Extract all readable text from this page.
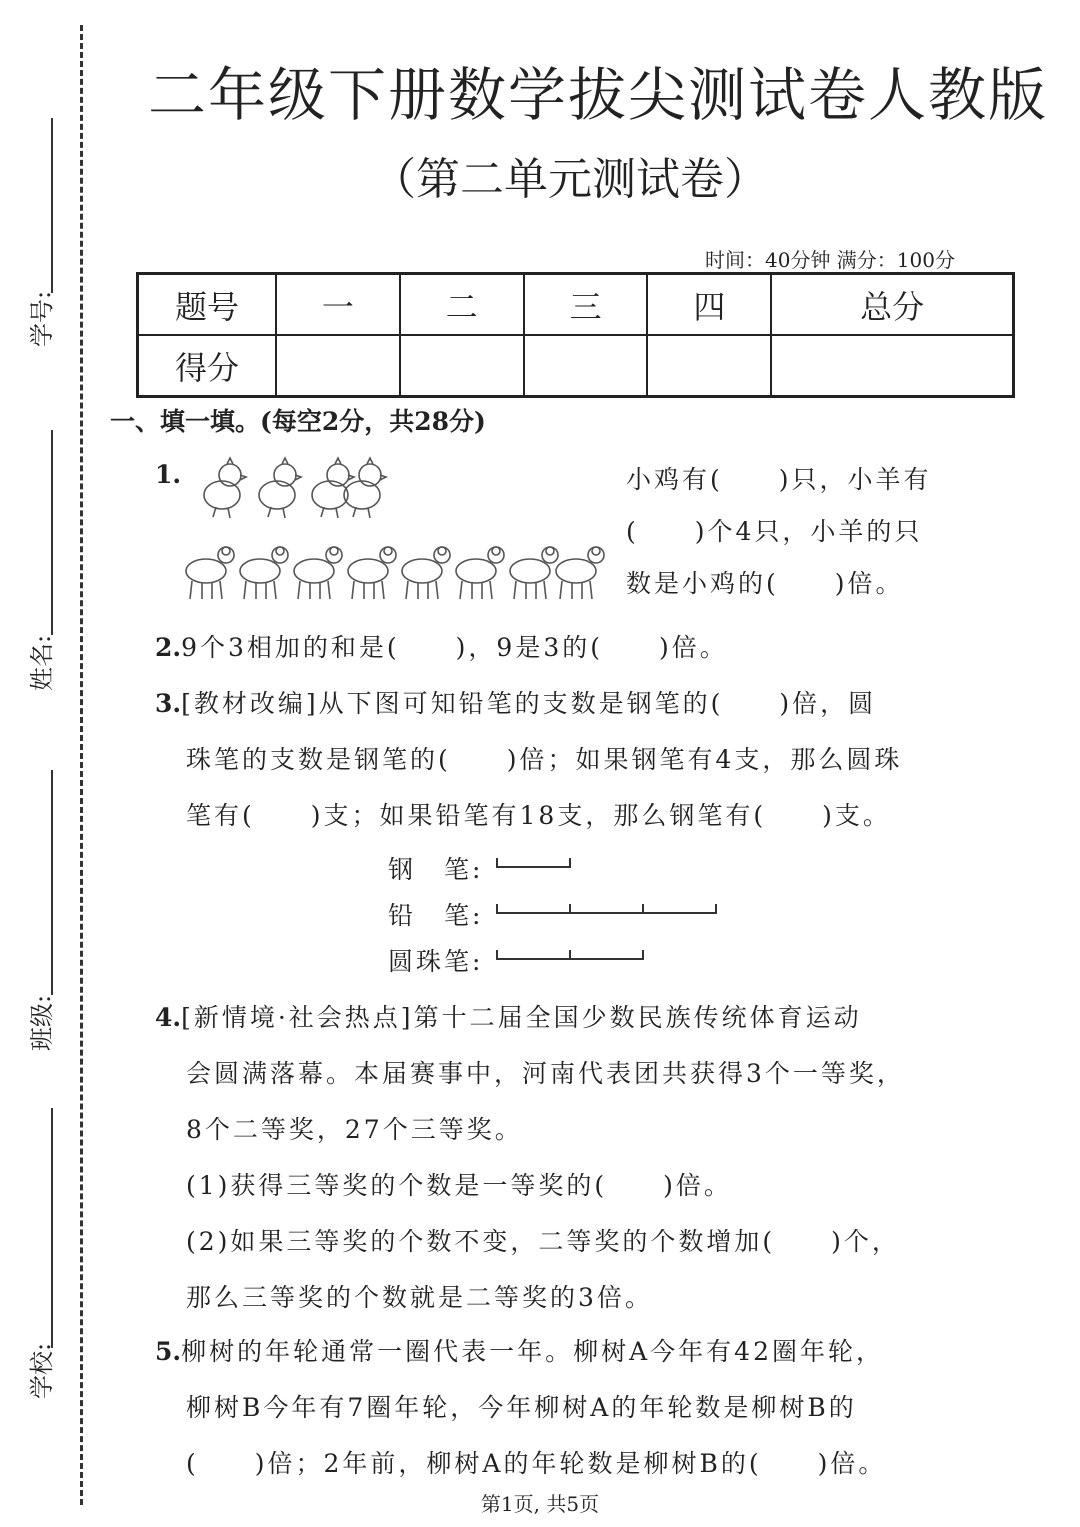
学号:
姓名:
班级:
学校:
二年级下册数学拔尖测试卷人教版
（第二单元测试卷）
时间：40分钟 满分：100分
题号	一	二	三	四	总分
得分					
一、填一填。(每空2分，共28分)
1.	小鸡有(　　)只，小羊有
(　　)个4只，小羊的只
数是小鸡的(　　)倍。
2.9个3相加的和是(　　)，9是3的(　　)倍。
3.[教材改编]从下图可知铅笔的支数是钢笔的(　　)倍，圆
珠笔的支数是钢笔的(　　)倍；如果钢笔有4支，那么圆珠
笔有(　　)支；如果铅笔有18支，那么钢笔有(　　)支。
钢　笔:
铅　笔:
圆珠笔:
4.[新情境·社会热点]第十二届全国少数民族传统体育运动
会圆满落幕。本届赛事中，河南代表团共获得3个一等奖，
8个二等奖，27个三等奖。
(1)获得三等奖的个数是一等奖的(　　)倍。
(2)如果三等奖的个数不变，二等奖的个数增加(　　)个，
那么三等奖的个数就是二等奖的3倍。
5.柳树的年轮通常一圈代表一年。柳树A今年有42圈年轮，
柳树B今年有7圈年轮，今年柳树A的年轮数是柳树B的
(　　)倍；2年前，柳树A的年轮数是柳树B的(　　)倍。
第1页, 共5页
